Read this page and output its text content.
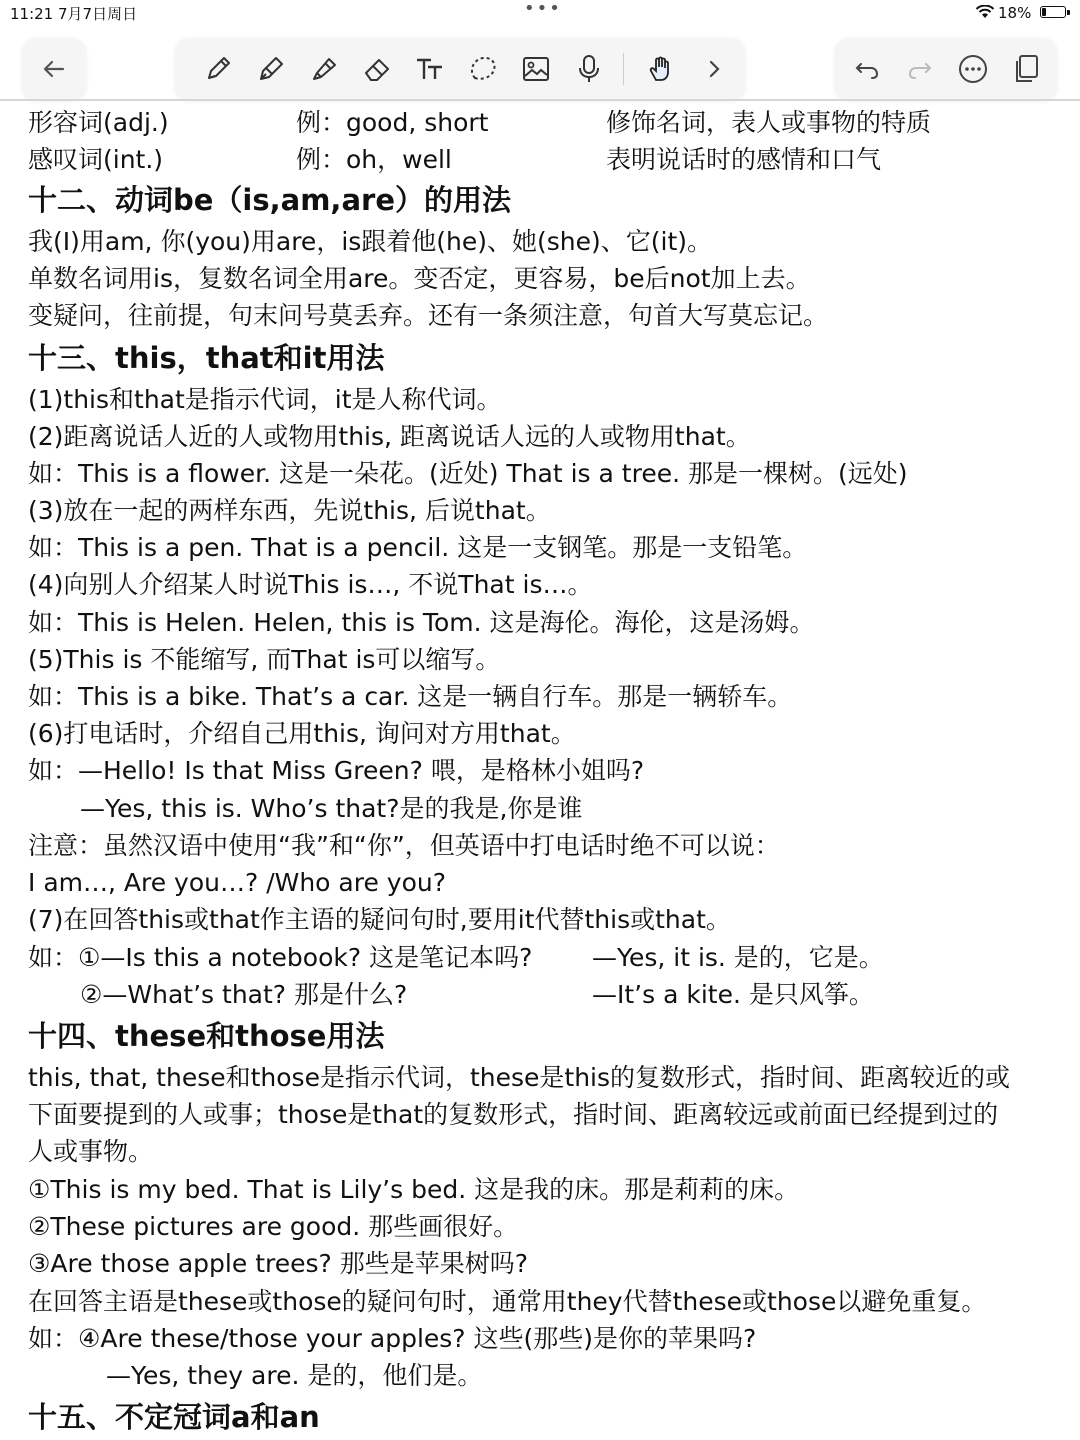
11:21 7月7日周日	•••	18%
形容词(adj.)	例：good, short	修饰名词，表人或事物的特质
感叹词(int.)	例：oh，well	表明说话时的感情和口气
十二、动词be（is,am,are）的用法
我(I)用am, 你(you)用are，is跟着他(he)、她(she)、它(it)。
单数名词用is，复数名词全用are。变否定，更容易，be后not加上去。
变疑问，往前提，句末问号莫丢弃。还有一条须注意，句首大写莫忘记。
十三、this，that和it用法
(1)this和that是指示代词，it是人称代词。
(2)距离说话人近的人或物用this, 距离说话人远的人或物用that。
如：This is a flower. 这是一朵花。(近处) That is a tree. 那是一棵树。(远处)
(3)放在一起的两样东西，先说this, 后说that。
如：This is a pen. That is a pencil. 这是一支钢笔。那是一支铅笔。
(4)向别人介绍某人时说This is…, 不说That is…。
如：This is Helen. Helen, this is Tom. 这是海伦。海伦，这是汤姆。
(5)This is 不能缩写, 而That is可以缩写。
如：This is a bike. That’s a car. 这是一辆自行车。那是一辆轿车。
(6)打电话时，介绍自己用this, 询问对方用that。
如：—Hello! Is that Miss Green? 喂，是格林小姐吗?
—Yes, this is. Who’s that?是的我是,你是谁
注意：虽然汉语中使用“我”和“你”，但英语中打电话时绝不可以说：
I am…, Are you…? /Who are you?
(7)在回答this或that作主语的疑问句时,要用it代替this或that。
如：①—Is this a notebook? 这是笔记本吗? —Yes, it is. 是的，它是。
②—What’s that? 那是什么?	—It’s a kite. 是只风筝。
十四、these和those用法
this, that, these和those是指示代词，these是this的复数形式，指时间、距离较近的或
下面要提到的人或事；those是that的复数形式，指时间、距离较远或前面已经提到过的
人或事物。
①This is my bed. That is Lily’s bed. 这是我的床。那是莉莉的床。
②These pictures are good. 那些画很好。
③Are those apple trees? 那些是苹果树吗?
在回答主语是these或those的疑问句时，通常用they代替these或those以避免重复。
如：④Are these/those your apples? 这些(那些)是你的苹果吗?
—Yes, they are. 是的，他们是。
十五、不定冠词a和an
